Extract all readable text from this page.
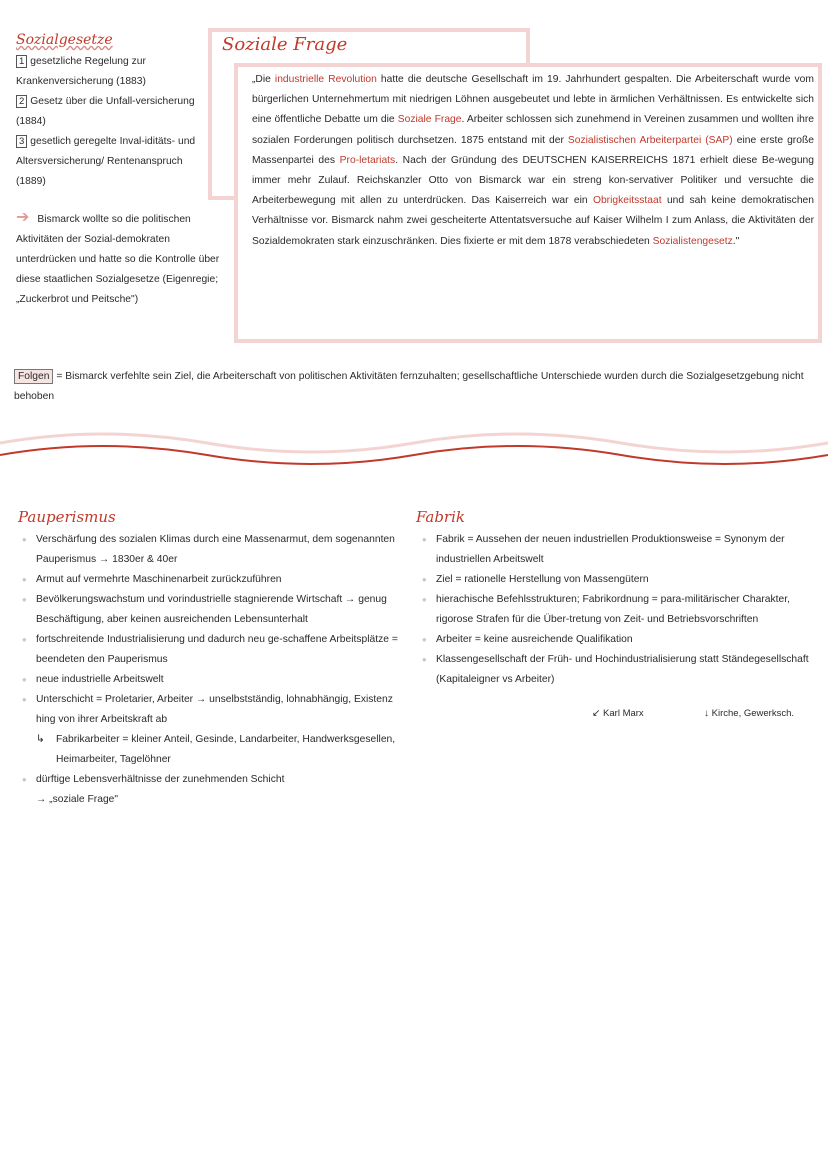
Sozialgesetze
1 gesetzliche Regelung zur Krankenversicherung (1883)
2 Gesetz über die Unfall-versicherung (1884)
3 gesetlich geregelte Inval-iditäts- und Altersversicherung/ Rentenanspruch (1889)
➔ Bismarck wollte so die politischen Aktivitäten der Sozial-demokraten unterdrücken und hatte so die Kontrolle über diese staatlichen Sozialgesetze (Eigenregie; „Zuckerbrot und Peitsche")
Soziale Frage

„Die industrielle Revolution hatte die deutsche Gesellschaft im 19. Jahrhundert gespalten. Die Arbeiterschaft wurde vom bürgerlichen Unternehmertum mit niedrigen Löhnen ausgebeutet und lebte in ärmlichen Verhältnissen. Es entwickelte sich eine öffentliche Debatte um die Soziale Frage. Arbeiter schlossen sich zunehmend in Vereinen zusammen und wollten ihre sozialen Forderungen politisch durchsetzen. 1875 entstand mit der Sozialistischen Arbeiterpartei (SAP) eine erste große Massenpartei des Pro-letariats. Nach der Gründung des DEUTSCHEN KAISERREICHS 1871 erhielt diese Be-wegung immer mehr Zulauf. Reichskanzler Otto von Bismarck war ein streng kon-servativer Politiker und versuchte die Arbeiterbewegung mit allen zu unterdrücken. Das Kaiserreich war ein Obrigkeitsstaat und sah keine demokratischen Verhältnisse vor. Bismarck nahm zwei gescheiterte Attentatsversuche auf Kaiser Wilhelm I zum Anlass, die Aktivitäten der Sozialdemokraten stark einzuschränken. Dies fixierte er mit dem 1878 verabschiedeten Sozialistengesetz."

Folgen = Bismarck verfehlte sein Ziel, die Arbeiterschaft von politischen Aktivitäten fernzuhalten; gesellschaftliche Unterschiede wurden durch die Sozialgesetzgebung nicht behoben

Pauperismus
• Verschärfung des sozialen Klimas durch eine Massenarmut, dem sogenannten Pauperismus → 1830er & 40er
• Armut auf vermehrte Maschinenarbeit zurückzuführen
• Bevölkerungswachstum und vorindustrielle stagnierende Wirtschaft → genug Beschäftigung, aber keinen ausreichenden Lebensunterhalt
• fortschreitende Industrialisierung und dadurch neu ge-schaffene Arbeitsplätze = beendeten den Pauperismus
• neue industrielle Arbeitswelt
• Unterschicht = Proletarier, Arbeiter → unselbstständig, lohnabhängig, Existenz hing von ihrer Arbeitskraft ab
↳ Fabrikarbeiter = kleiner Anteil, Gesinde, Landarbeiter, Handwerksgesellen, Heimarbeiter, Tagelöhner
• dürftige Lebensverhältnisse der zunehmenden Schicht
→ „soziale Frage"
Fabrik
• Fabrik = Aussehen der neuen industriellen Produktionsweise = Synonym der industriellen Arbeitswelt
• Ziel = rationelle Herstellung von Massengütern
• hierachische Befehlsstrukturen; Fabrikordnung = para-militärischer Charakter, rigorose Strafen für die Über-tretung von Zeit- und Betriebsvorschriften
• Arbeiter = keine ausreichende Qualifikation
• Klassengesellschaft der Früh- und Hochindustrialisierung statt Ständegesellschaft (Kapitaleigner vs Arbeiter)
↙ Karl Marx	↓ Kirche, Gewerksch.
